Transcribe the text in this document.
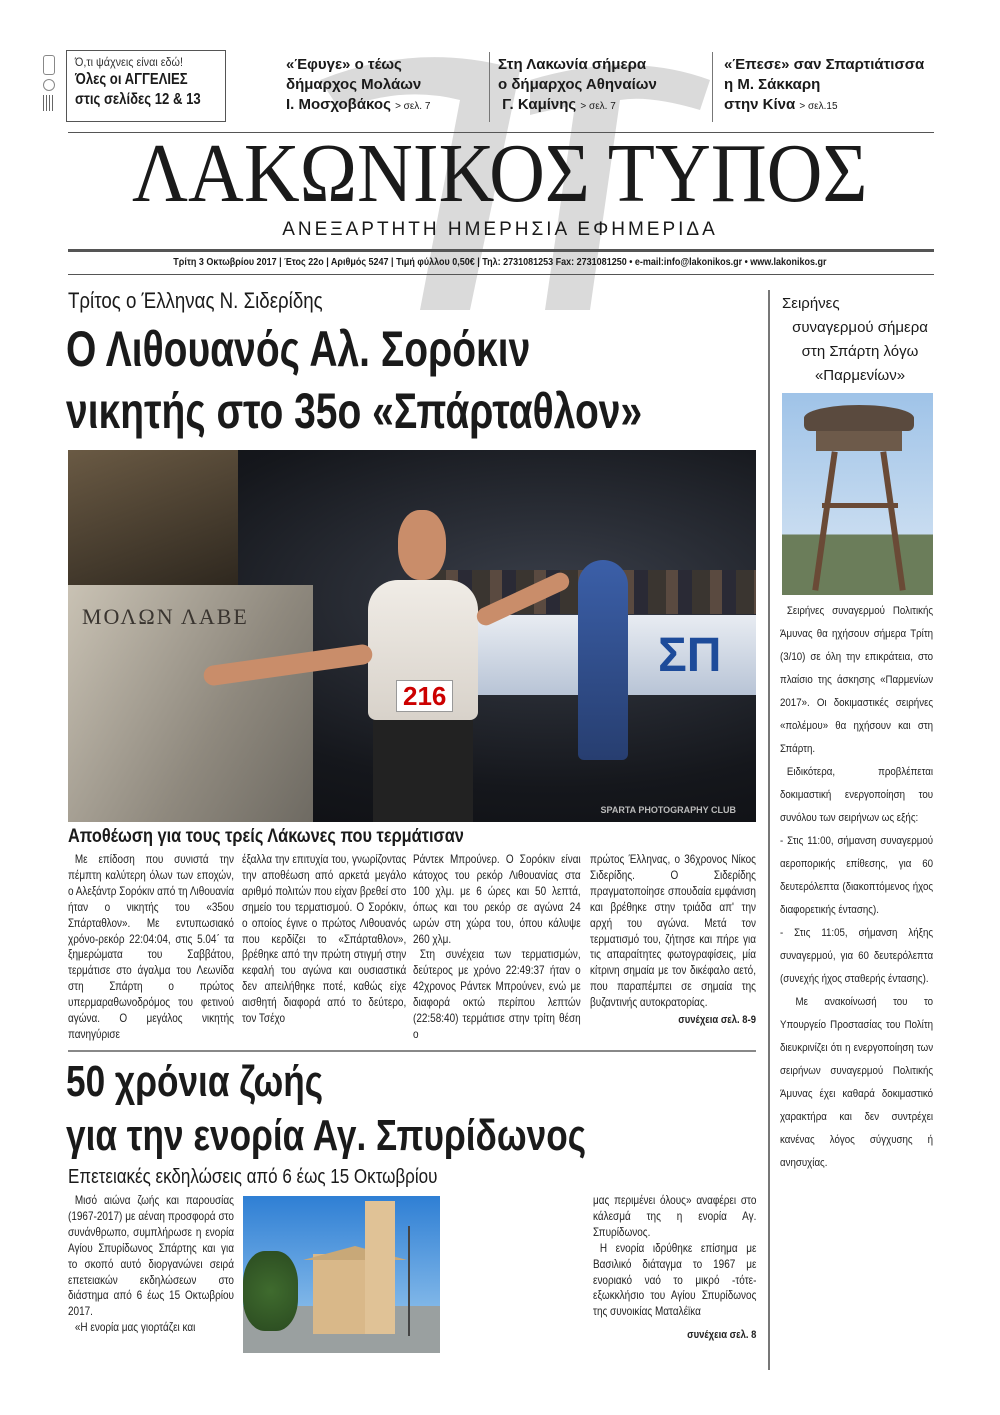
Ό,τι ψάχνεις είναι εδώ!
Όλες οι ΑΓΓΕΛΙΕΣ
στις σελίδες 12 & 13
«Έφυγε» ο τέως
δήμαρχος Μολάων
Ι. Μοσχοβάκος > σελ. 7
Στη Λακωνία σήμερα
ο δήμαρχος Αθηναίων
Γ. Καμίνης > σελ. 7
«Έπεσε» σαν Σπαρτιάτισσα
η Μ. Σάκκαρη
στην Κίνα > σελ.15
ΛΑΚΩΝΙΚΟΣ ΤΥΠΟΣ
ΑΝΕΞΑΡΤΗΤΗ ΗΜΕΡΗΣΙΑ ΕΦΗΜΕΡΙΔΑ
Τρίτη 3 Οκτωβρίου 2017 | Έτος 22ο | Αριθμός 5247 | Τιμή φύλλου 0,50€ | Τηλ: 2731081253 Fax: 2731081250 • e-mail:info@lakonikos.gr • www.lakonikos.gr
Τρίτος ο Έλληνας Ν. Σιδερίδης
Ο Λιθουανός Αλ. Σορόκιν
νικητής στο 35ο «Σπάρταθλον»
ΜΟΛΩΝ ΛΑΒΕ
ΣΠ
216
SPARTA PHOTOGRAPHY CLUB
Αποθέωση για τους τρείς Λάκωνες που τερμάτισαν

Με επίδοση που συνιστά την πέμπτη καλύτερη όλων των εποχών, ο Αλεξάντρ Σορόκιν από τη Λιθουανία ήταν ο νικητής του «35ου Σπάρταθλον». Με εντυπωσιακό χρόνο-ρεκόρ 22:04:04, στις 5.04΄ τα ξημερώματα του Σαββάτου, τερμάτισε στο άγαλμα του Λεωνίδα στη Σπάρτη ο πρώτος υπερμαραθωνοδρόμος του φετινού αγώνα. Ο μεγάλος νικητής πανηγύρισε

έξαλλα την επιτυχία του, γνωρίζοντας την αποθέωση από αρκετά μεγάλο αριθμό πολιτών που είχαν βρεθεί στο σημείο του τερματισμού. Ο Σορόκιν, ο οποίος έγινε ο πρώτος Λιθουανός που κερδίζει το «Σπάρταθλον», βρέθηκε από την πρώτη στιγμή στην κεφαλή του αγώνα και ουσιαστικά δεν απειλήθηκε ποτέ, καθώς είχε αισθητή διαφορά από το δεύτερο, τον Τσέχο

Ράντεκ Μπρούνερ. Ο Σορόκιν είναι κάτοχος του ρεκόρ Λιθουανίας στα 100 χλμ. με 6 ώρες και 50 λεπτά, όπως και του ρεκόρ σε αγώνα 24 ωρών στη χώρα του, όπου κάλυψε 260 χλμ.

Στη συνέχεια των τερματισμών, δεύτερος με χρόνο 22:49:37 ήταν ο 42χρονος Ράντεκ Μπρούνεν, ενώ με διαφορά οκτώ περίπου λεπτών (22:58:40) τερμάτισε στην τρίτη θέση ο

πρώτος Έλληνας, ο 36χρονος Νίκος Σιδερίδης. Ο Σιδερίδης πραγματοποίησε σπουδαία εμφάνιση και βρέθηκε στην τριάδα απ' την αρχή του αγώνα. Μετά τον τερματισμό του, ζήτησε και πήρε για τις απαραίτητες φωτογραφίσεις, μία κίτρινη σημαία με τον δικέφαλο αετό, που παραπέμπει σε σημαία της βυζαντινής αυτοκρατορίας.

συνέχεια σελ. 8-9
50 χρόνια ζωής
για την ενορία Αγ. Σπυρίδωνος
Επετειακές εκδηλώσεις από 6 έως 15 Οκτωβρίου

Μισό αιώνα ζωής και παρουσίας (1967-2017) με αέναη προσφορά στο συνάνθρωπο, συμπλήρωσε η ενορία Αγίου Σπυρίδωνος Σπάρτης και για το σκοπό αυτό διοργανώνει σειρά επετειακών εκδηλώσεων στο διάστημα από 6 έως 15 Οκτωβρίου 2017.

«Η ενορία μας γιορτάζει και

μας περιμένει όλους» αναφέρει στο κάλεσμά της η ενορία Αγ. Σπυρίδωνος.

Η ενορία ιδρύθηκε επίσημα με Βασιλικό διάταγμα το 1967 με ενοριακό ναό το μικρό -τότε- εξωκκλήσιο του Αγίου Σπυρίδωνος της συνοικίας Ματαλέϊκα

συνέχεια σελ. 8
Σειρήνες
συναγερμού σήμερα
στη Σπάρτη λόγω
«Παρμενίων»

Σειρήνες συναγερμού Πολιτικής Άμυνας θα ηχήσουν σήμερα Τρίτη (3/10) σε όλη την επικράτεια, στο πλαίσιο της άσκησης «Παρμενίων 2017». Οι δοκιμαστικές σειρήνες «πολέμου» θα ηχήσουν και στη Σπάρτη.

Ειδικότερα, προβλέπεται δοκιμαστική ενεργοποίηση του συνόλου των σειρήνων ως εξής:

- Στις 11:00, σήμανση συναγερμού αεροπορικής επίθεσης, για 60 δευτερόλεπτα (διακοπτόμενος ήχος διαφορετικής έντασης).

- Στις 11:05, σήμανση λήξης συναγερμού, για 60 δευτερόλεπτα (συνεχής ήχος σταθερής έντασης).

Με ανακοίνωσή του το Υπουργείο Προστασίας του Πολίτη διευκρινίζει ότι η ενεργοποίηση των σειρήνων συναγερμού Πολιτικής Άμυνας έχει καθαρά δοκιμαστικό χαρακτήρα και δεν συντρέχει κανένας λόγος σύγχυσης ή ανησυχίας.
